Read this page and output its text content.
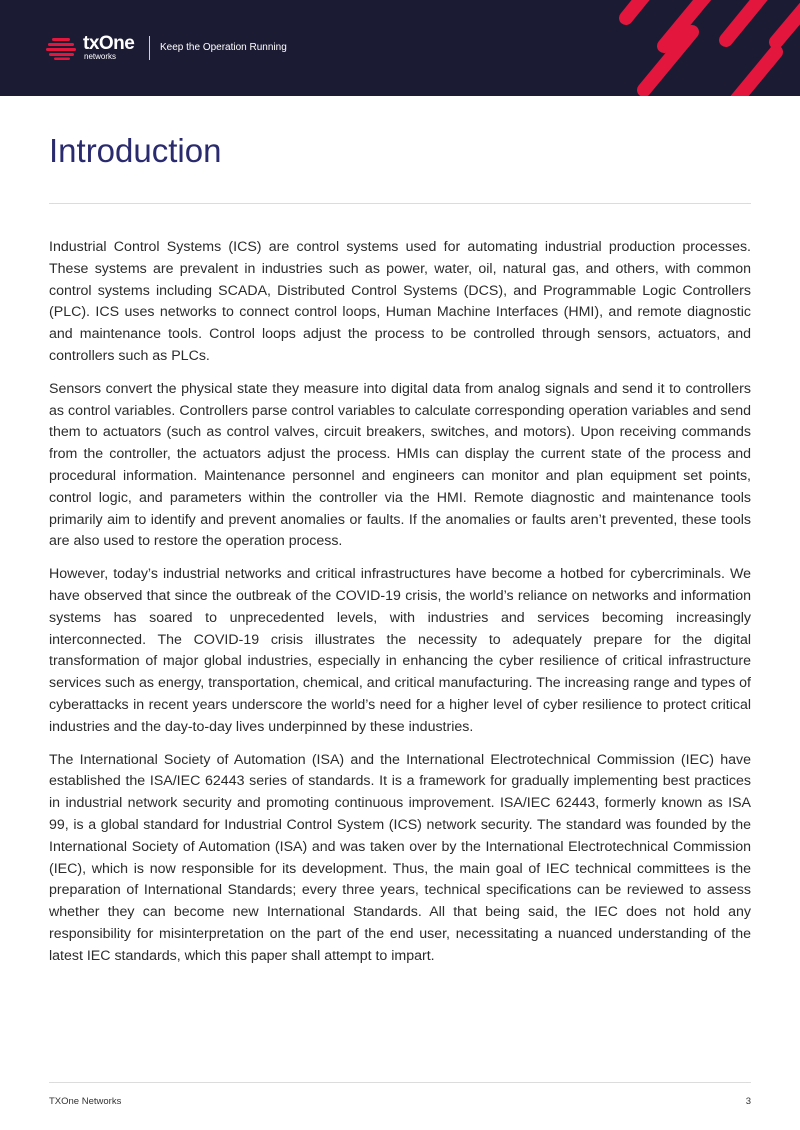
txOne
networks
Keep the Operation Running
Introduction

Industrial Control Systems (ICS) are control systems used for automating industrial production processes. These systems are prevalent in industries such as power, water, oil, natural gas, and others, with common control systems including SCADA, Distributed Control Systems (DCS), and Programmable Logic Controllers (PLC). ICS uses networks to connect control loops, Human Machine Interfaces (HMI), and remote diagnostic and maintenance tools. Control loops adjust the process to be controlled through sensors, actuators, and controllers such as PLCs.

Sensors convert the physical state they measure into digital data from analog signals and send it to controllers as control variables. Controllers parse control variables to calculate corresponding operation variables and send them to actuators (such as control valves, circuit breakers, switches, and motors). Upon receiving commands from the controller, the actuators adjust the process. HMIs can display the current state of the process and procedural information. Maintenance personnel and engineers can monitor and plan equipment set points, control logic, and parameters within the controller via the HMI. Remote diagnostic and maintenance tools primarily aim to identify and prevent anomalies or faults. If the anomalies or faults aren’t prevented, these tools are also used to restore the operation process.

However, today’s industrial networks and critical infrastructures have become a hotbed for cybercriminals. We have observed that since the outbreak of the COVID-19 crisis, the world’s reliance on networks and information systems has soared to unprecedented levels, with industries and services becoming increasingly interconnected. The COVID-19 crisis illustrates the necessity to adequately prepare for the digital transformation of major global industries, especially in enhancing the cyber resilience of critical infrastructure services such as energy, transportation, chemical, and critical manufacturing. The increasing range and types of cyberattacks in recent years underscore the world’s need for a higher level of cyber resilience to protect critical industries and the day-to-day lives underpinned by these industries.

The International Society of Automation (ISA) and the International Electrotechnical Commission (IEC) have established the ISA/IEC 62443 series of standards. It is a framework for gradually implementing best practices in industrial network security and promoting continuous improvement. ISA/IEC 62443, formerly known as ISA 99, is a global standard for Industrial Control System (ICS) network security. The standard was founded by the International Society of Automation (ISA) and was taken over by the International Electrotechnical Commission (IEC), which is now responsible for its development. Thus, the main goal of IEC technical committees is the preparation of International Standards; every three years, technical specifications can be reviewed to assess whether they can become new International Standards. All that being said, the IEC does not hold any responsibility for misinterpretation on the part of the end user, necessitating a nuanced understanding of the latest IEC standards, which this paper shall attempt to impart.

TXOne Networks	3
